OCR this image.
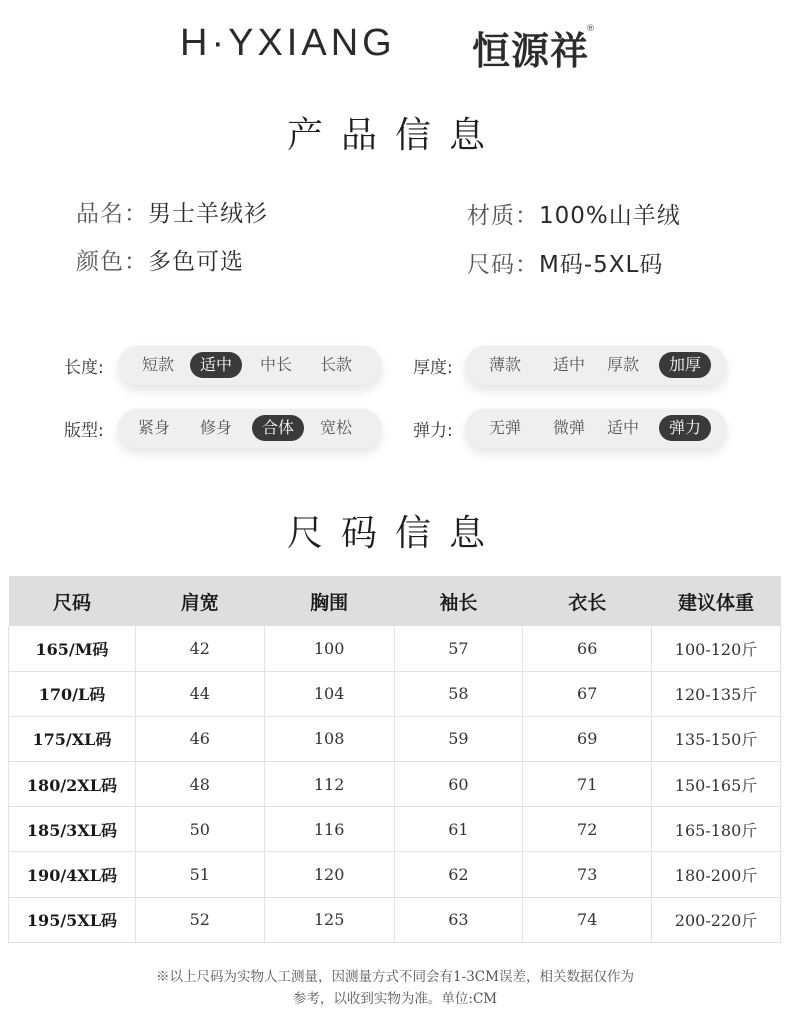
H·YXIANG 恒源祥
®
产品信息
品名：男士羊绒衫
颜色：多色可选
材质：100%山羊绒
尺码：M码-5XL码
长度:	短款	适中	中长	长款	厚度:	薄款	适中	厚款	加厚
版型:	紧身	修身	合体	宽松	弹力:	无弹	微弹	适中	弹力
尺码信息
尺码	肩宽	胸围	袖长	衣长	建议体重
165/M码	42	100	57	66	100-120斤
170/L码	44	104	58	67	120-135斤
175/XL码	46	108	59	69	135-150斤
180/2XL码	48	112	60	71	150-165斤
185/3XL码	50	116	61	72	165-180斤
190/4XL码	51	120	62	73	180-200斤
195/5XL码	52	125	63	74	200-220斤
※以上尺码为实物人工测量，因测量方式不同会有1-3CM误差，相关数据仅作为
参考，以收到实物为准。单位:CM
